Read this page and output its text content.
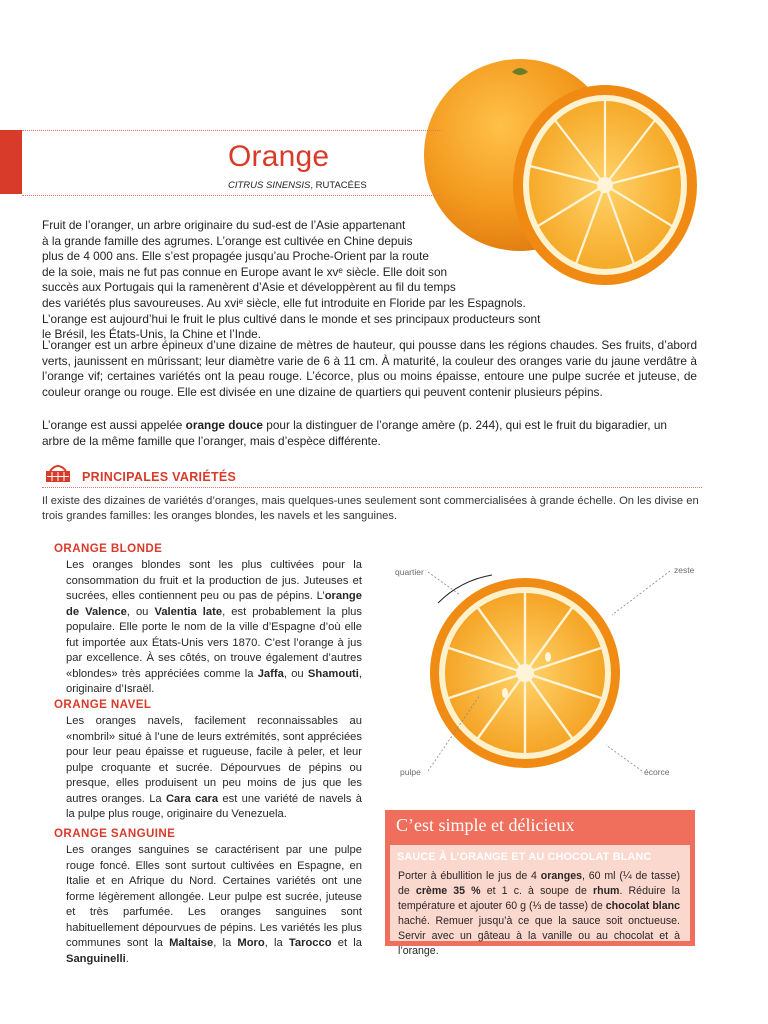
Orange
CITRUS SINENSIS, RUTACÉES

Fruit de l’oranger, un arbre originaire du sud-est de l’Asie appartenant
à la grande famille des agrumes. L’orange est cultivée en Chine depuis
plus de 4 000 ans. Elle s’est propagée jusqu’au Proche-Orient par la route
de la soie, mais ne fut pas connue en Europe avant le xvᵉ siècle. Elle doit son
succès aux Portugais qui la ramenèrent d’Asie et développèrent au fil du temps
des variétés plus savoureuses. Au xviᵉ siècle, elle fut introduite en Floride par les Espagnols.
L’orange est aujourd’hui le fruit le plus cultivé dans le monde et ses principaux producteurs sont
le Brésil, les États-Unis, la Chine et l’Inde.

L’oranger est un arbre épineux d’une dizaine de mètres de hauteur, qui pousse dans les régions chaudes. Ses fruits, d’abord verts, jaunissent en mûrissant; leur diamètre varie de 6 à 11 cm. À maturité, la couleur des oranges varie du jaune verdâtre à l’orange vif; certaines variétés ont la peau rouge. L’écorce, plus ou moins épaisse, entoure une pulpe sucrée et juteuse, de couleur orange ou rouge. Elle est divisée en une dizaine de quartiers qui peuvent contenir plusieurs pépins.

L’orange est aussi appelée orange douce pour la distinguer de l’orange amère (p. 244), qui est le fruit du bigaradier, un arbre de la même famille que l’oranger, mais d’espèce différente.

PRINCIPALES VARIÉTÉS
Il existe des dizaines de variétés d’oranges, mais quelques-unes seulement sont commercialisées à grande échelle. On les divise en trois grandes familles: les oranges blondes, les navels et les sanguines.
ORANGE BLONDE

Les oranges blondes sont les plus cultivées pour la consommation du fruit et la production de jus. Juteuses et sucrées, elles contiennent peu ou pas de pépins. L’orange de Valence, ou Valentia late, est probablement la plus populaire. Elle porte le nom de la ville d’Espagne d’où elle fut importée aux États-Unis vers 1870. C’est l’orange à jus par excellence. À ses côtés, on trouve également d’autres «blondes» très appréciées comme la Jaffa, ou Shamouti, originaire d’Israël.

ORANGE NAVEL

Les oranges navels, facilement reconnaissables au «nombril» situé à l’une de leurs extrémités, sont appréciées pour leur peau épaisse et rugueuse, facile à peler, et leur pulpe croquante et sucrée. Dépourvues de pépins ou presque, elles produisent un peu moins de jus que les autres oranges. La Cara cara est une variété de navels à la pulpe plus rouge, originaire du Venezuela.

ORANGE SANGUINE

Les oranges sanguines se caractérisent par une pulpe rouge foncé. Elles sont surtout cultivées en Espagne, en Italie et en Afrique du Nord. Certaines variétés ont une forme légèrement allongée. Leur pulpe est sucrée, juteuse et très parfumée. Les oranges sanguines sont habituellement dépourvues de pépins. Les variétés les plus communes sont la Maltaise, la Moro, la Tarocco et la Sanguinelli.

quartier	zeste
pulpe	écorce
C’est simple et délicieux
SAUCE À L’ORANGE ET AU CHOCOLAT BLANC

Porter à ébullition le jus de 4 oranges, 60 ml (¼ de tasse) de crème 35 % et 1 c. à soupe de rhum. Réduire la température et ajouter 60 g (⅓ de tasse) de chocolat blanc haché. Remuer jusqu’à ce que la sauce soit onctueuse. Servir avec un gâteau à la vanille ou au chocolat et à l’orange.
